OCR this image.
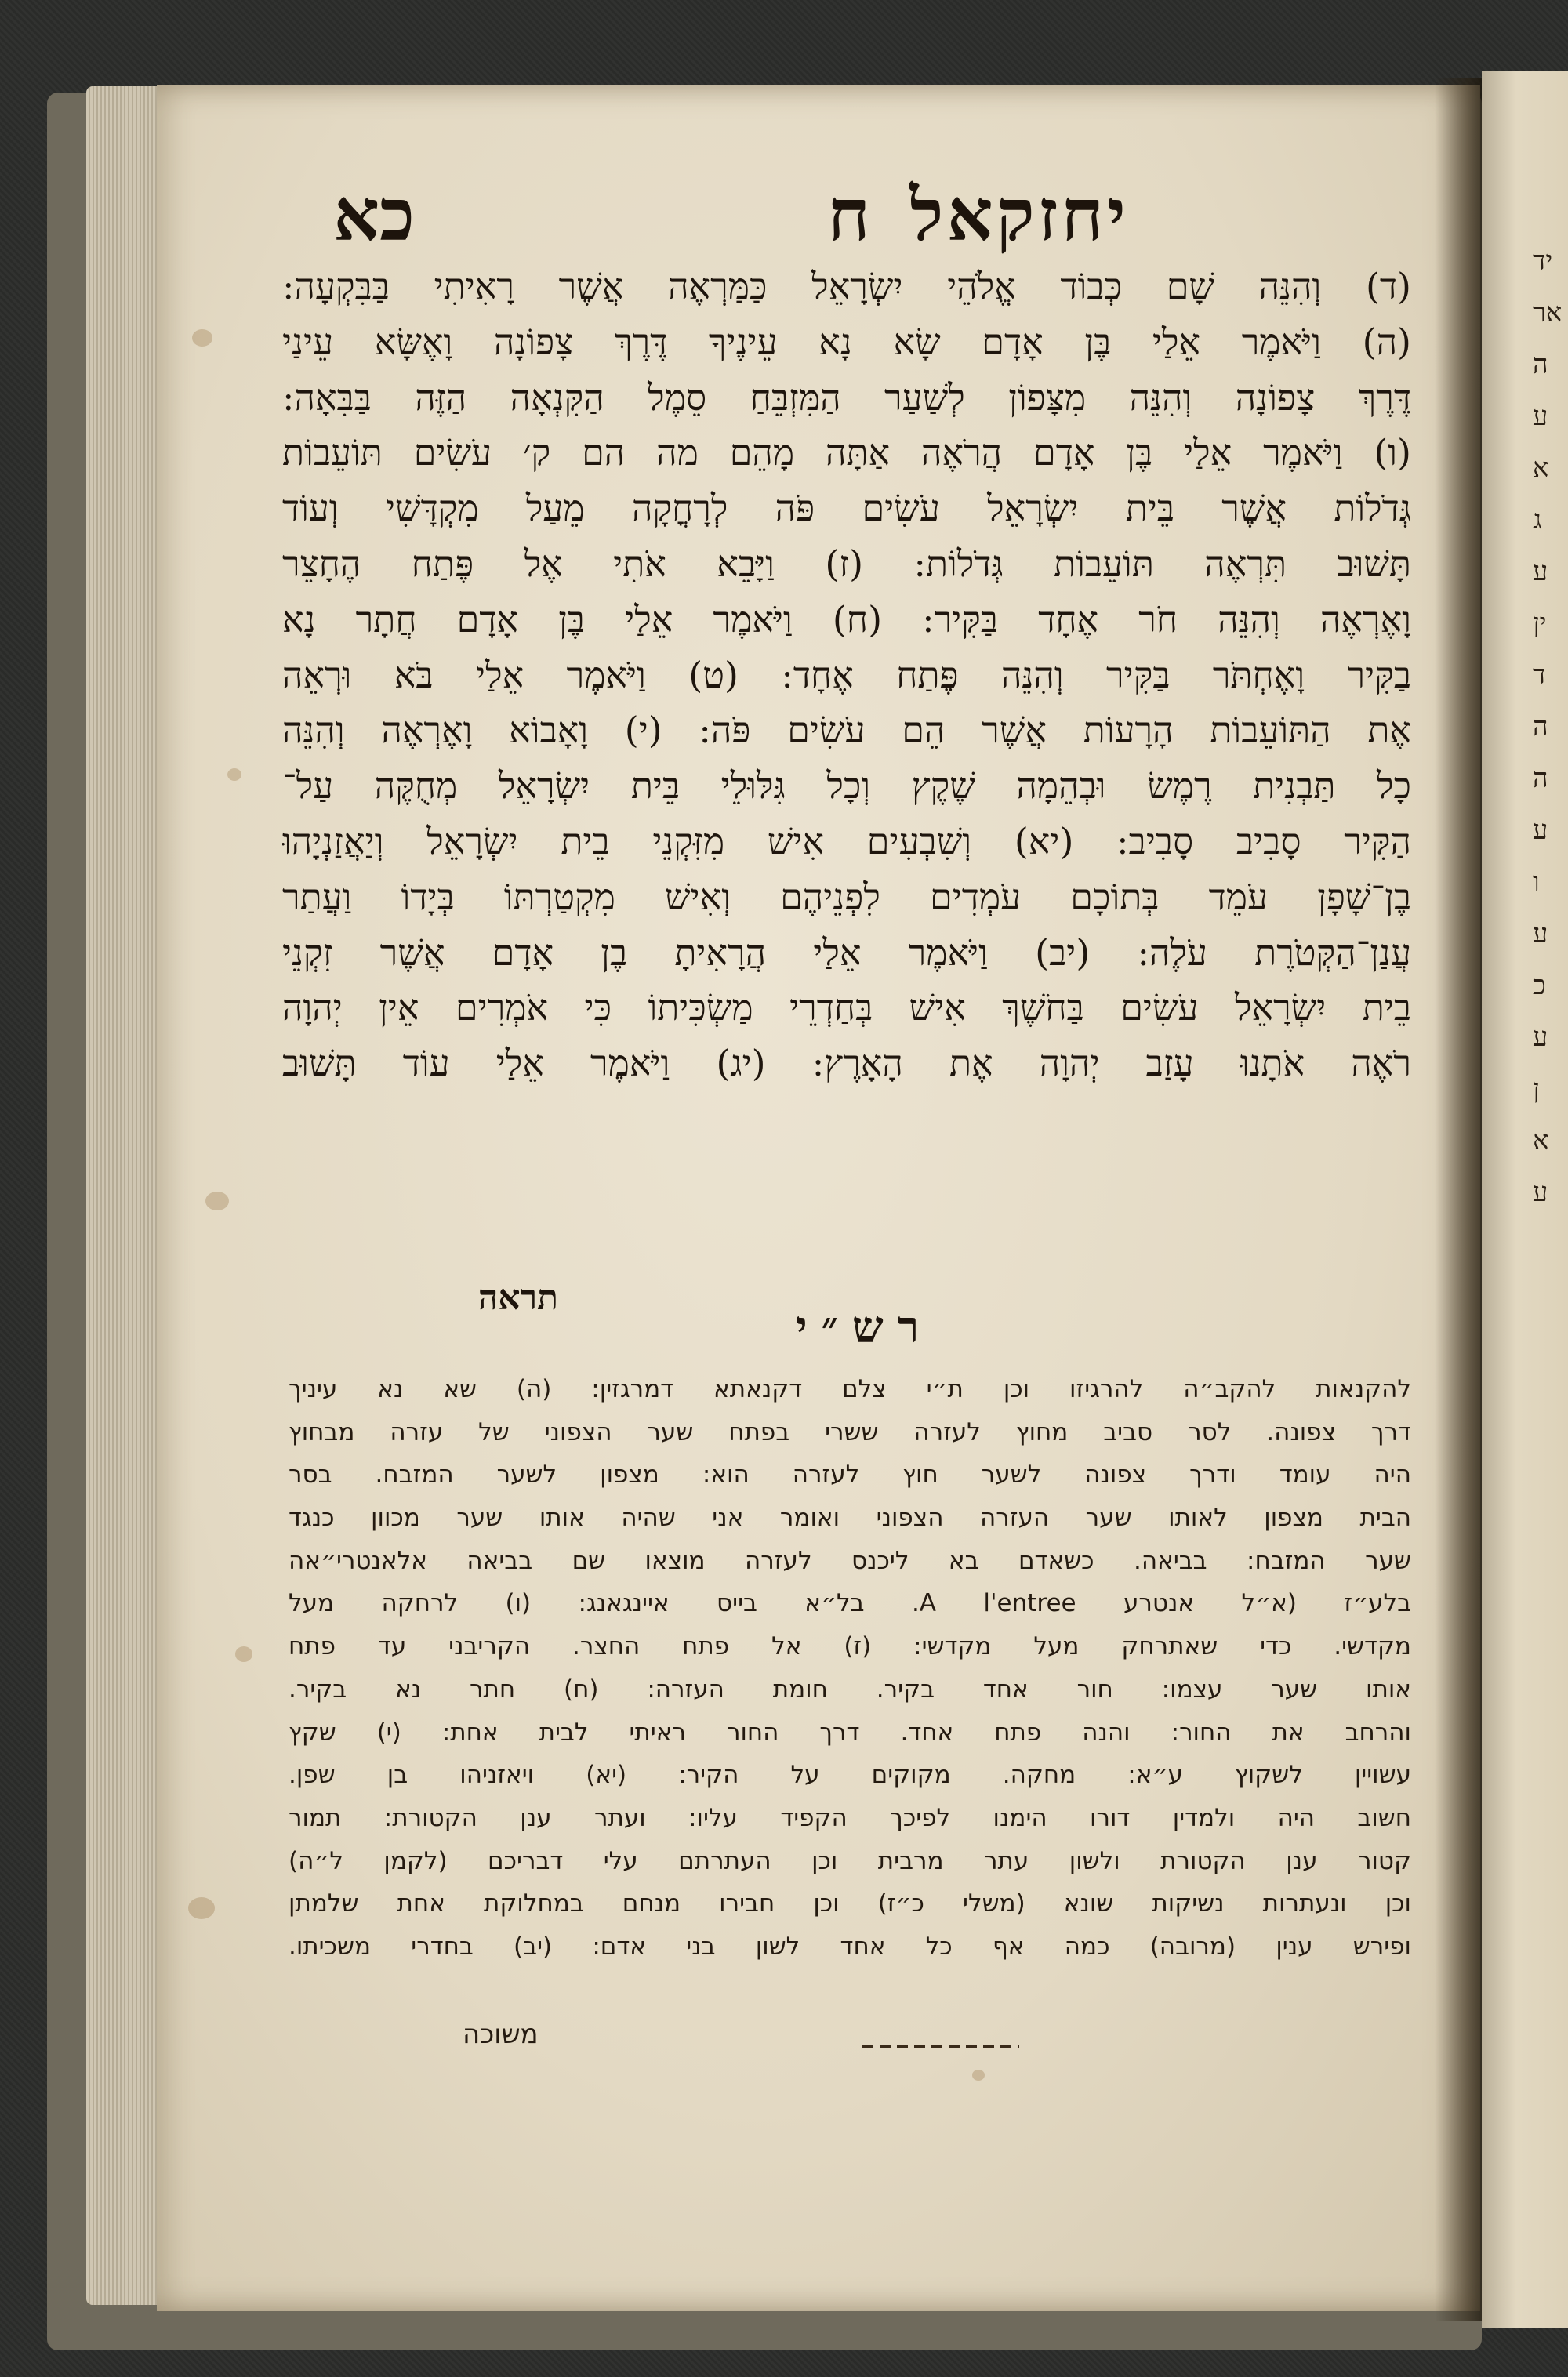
יד
אר
ה
ע
א
ג
ע
ין
ד
ה
ה
ע
ו
ע
כ
ע
ן
א
ע
יחזקאל
ח
כא
(ד) וְהִנֵּה שָׁם כְּבוֹד אֱלֹהֵי יִשְׂרָאֵל כַּמַּרְאֶה אֲשֶׁר רָאִיתִי בַּבִּקְעָה:
(ה) וַיֹּאמֶר אֵלַי בֶּן אָדָם שָׂא נָא עֵינֶיךָ דֶּרֶךְ צָפוֹנָה וָאֶשָּׂא עֵינַי
דֶּרֶךְ צָפוֹנָה וְהִנֵּה מִצָּפוֹן לְשַׁעַר הַמִּזְבֵּחַ סֵמֶל הַקִּנְאָה הַזֶּה בַּבִּאָה:
(ו) וַיֹּאמֶר אֵלַי בֶּן אָדָם הֲרֹאֶה אַתָּה מָהֵם מה הם ק׳ עֹשִׂים תּוֹעֵבוֹת
גְּדֹלוֹת אֲשֶׁר בֵּית יִשְׂרָאֵל עֹשִׂים פֹּה לְרָחֳקָה מֵעַל מִקְדָּשִׁי וְעוֹד
תָּשׁוּב תִּרְאֶה תּוֹעֵבוֹת גְּדֹלוֹת: (ז) וַיָּבֵא אֹתִי אֶל פֶּתַח הֶחָצֵר
וָאֶרְאֶה וְהִנֵּה חֹר אֶחָד בַּקִּיר: (ח) וַיֹּאמֶר אֵלַי בֶּן אָדָם חֲתָר נָא
בַקִּיר וָאֶחְתֹּר בַּקִּיר וְהִנֵּה פֶּתַח אֶחָד: (ט) וַיֹּאמֶר אֵלַי בֹּא וּרְאֵה
אֶת הַתּוֹעֵבוֹת הָרָעוֹת אֲשֶׁר הֵם עֹשִׂים פֹּה: (י) וָאָבוֹא וָאֶרְאֶה וְהִנֵּה
כָל תַּבְנִית רֶמֶשׂ וּבְהֵמָה שֶׁקֶץ וְכָל גִּלּוּלֵי בֵּית יִשְׂרָאֵל מְחֻקֶּה עַל־
הַקִּיר סָבִיב סָבִיב: (יא) וְשִׁבְעִים אִישׁ מִזִּקְנֵי בֵית יִשְׂרָאֵל וְיַאֲזַנְיָהוּ
בֶן־שָׁפָן עֹמֵד בְּתוֹכָם עֹמְדִים לִפְנֵיהֶם וְאִישׁ מִקְטַרְתּוֹ בְּיָדוֹ וַעֲתַר
עֲנַן־הַקְּטֹרֶת עֹלֶה: (יב) וַיֹּאמֶר אֵלַי הֲרָאִיתָ בֶן אָדָם אֲשֶׁר זִקְנֵי
בֵית יִשְׂרָאֵל עֹשִׂים בַּחֹשֶׁךְ אִישׁ בְּחַדְרֵי מַשְׂכִּיתוֹ כִּי אֹמְרִים אֵין יְהוָה
רֹאֶה אֹתָנוּ עָזַב יְהוָה אֶת הָאָרֶץ: (יג) וַיֹּאמֶר אֵלַי עוֹד תָּשׁוּב
תראה
רש״י
להקנאות להקב״ה להרגיזו וכן ת״י צלם דקנאתא דמרגזין: (ה) שא נא עיניך
דרך צפונה. לסר סביב מחוץ לעזרה ששרי בפתח שער הצפוני של עזרה מבחוץ
היה עומד ודרך צפונה לשער חוץ לעזרה הוא: מצפון לשער המזבח. בסר
הבית מצפון לאותו שער העזרה הצפוני ואומר אני שהיה אותו שער מכוון כנגד
שער המזבח: בביאה. כשאדם בא ליכנס לעזרה מוצאו שם בביאה אלאנטרי״אה
בלע״ז (א״ל אנטרע A l'entree. בל״א בייס איינגאנג: (ו) לרחקה מעל
מקדשי. כדי שאתרחק מעל מקדשי: (ז) אל פתח החצר. הקריבני עד פתח
אותו שער עצמו: חור אחד בקיר. חומת העזרה: (ח) חתר נא בקיר.
והרחב את החור: והנה פתח אחד. דרך החור ראיתי לבית אחת: (י) שקץ
עשויין לשקוץ ע״א: מחקה. מקוקים על הקיר: (יא) ויאזניהו בן שפן.
חשוב היה ולמדין דורו הימנו לפיכך הקפיד עליו: ועתר ענן הקטורת: תמור
קטור ענן הקטורת ולשון עתר מרבית וכן העתרתם עלי דבריכם (לקמן ל״ה)
וכן ונעתרות נשיקות שונא (משלי כ״ז) וכן חבירו מנחם במחלוקת אחת שלמתן
ופירש ענין (מרובה) כמה אף כל אחד לשון בני אדם: (יב) בחדרי משכיתו.
משוכה
